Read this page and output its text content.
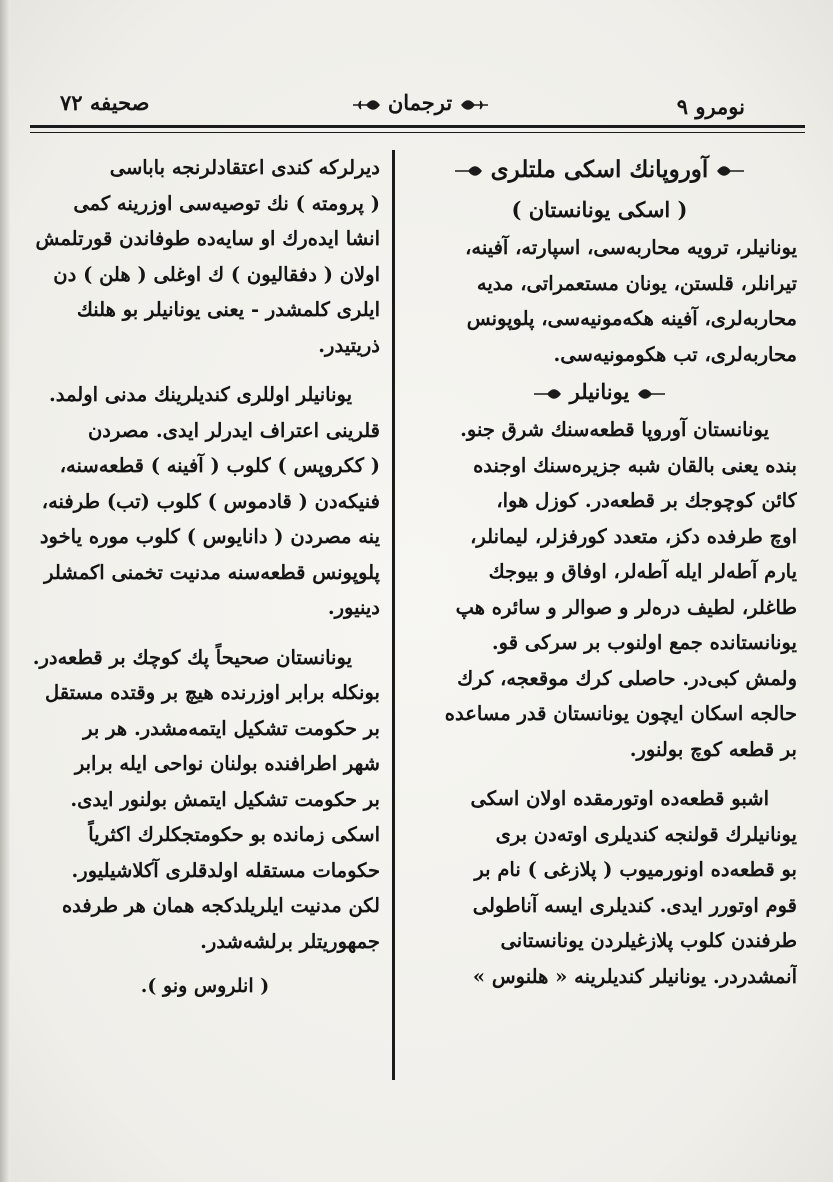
نومرو ۹
ترجمان
صحیفه ۷۲
آوروپانك اسكى ملتلرى
( اسكى يونانستان )

يونانيلر، ترويه محاربه‌سى، اسپارته، آفينه،
تيرانلر، قلستن، يونان مستعمراتى، مديه
محاربه‌لرى، آفينه هكه‌مونيه‌سى، پلوپونس
محاربه‌لرى، تب هكومونيه‌سى.

يونانيلر

يونانستان آوروپا قطعه‌سنك شرق جنو.
بنده يعنى بالقان شبه جزيره‌سنك اوجنده
كائن كوچوجك بر قطعه‌در. كوزل هوا،
اوچ طرفده دكز، متعدد كورفزلر، ليمانلر،
يارم آطه‌لر ايله آطه‌لر، اوفاق و بيوجك
طاغلر، لطيف دره‌لر و صوالر و سائره هپ
يونانستانده جمع اولنوب بر سركى قو.
ولمش كبى‌در. حاصلى كرك موقعجه، كرك
حالجه اسكان ايچون يونانستان قدر مساعده
بر قطعه كوچ بولنور.

اشبو قطعه‌ده اوتورمقده اولان اسكى
يونانيلرك قولنجه كنديلرى اوته‌دن برى
بو قطعه‌ده اونورميوب ( پلازغى ) نام بر
قوم اوتورر ايدى. كنديلرى ايسه آناطولى
طرفندن كلوب پلازغيلردن يونانستانى
آنمشدردر. يونانيلر كنديلرينه « هلنوس »

ديرلركه كندى اعتقادلرنجه باباسى
( پرومته ) نك توصيه‌سى اوزرينه كمى
انشا ايده‌رك او سايه‌ده طوفاندن قورتلمش
اولان ( دفقاليون ) ك اوغلى ( هلن ) دن
ايلرى كلمشدر - يعنى يونانيلر بو هلنك
ذريتيدر.

يونانيلر اوللرى كنديلرينك مدنى اولمد.
قلرينى اعتراف ايدرلر ايدى. مصردن
( ككروپس ) كلوب ( آفينه ) قطعه‌سنه،
فنيكه‌دن ( قادموس ) كلوب (تب) طرفنه،
ينه مصردن ( دانايوس ) كلوب موره ياخود
پلوپونس قطعه‌سنه مدنيت تخمنى اكمشلر
دينيور.

يونانستان صحيحاً پك كوچك بر قطعه‌در.
بونكله برابر اوزرنده هيچ بر وقتده مستقل
بر حكومت تشكيل ايتمه‌مشدر. هر بر
شهر اطرافنده بولنان نواحى ايله برابر
بر حكومت تشكيل ايتمش بولنور ايدى.
اسكى زمانده بو حكومتجكلرك اكثرياً
حكومات مستقله اولدقلرى آكلاشيليور.
لكن مدنيت ايلريلدكجه همان هر طرفده
جمهوريتلر برلشه‌شدر.

( انلروس ونو ).
